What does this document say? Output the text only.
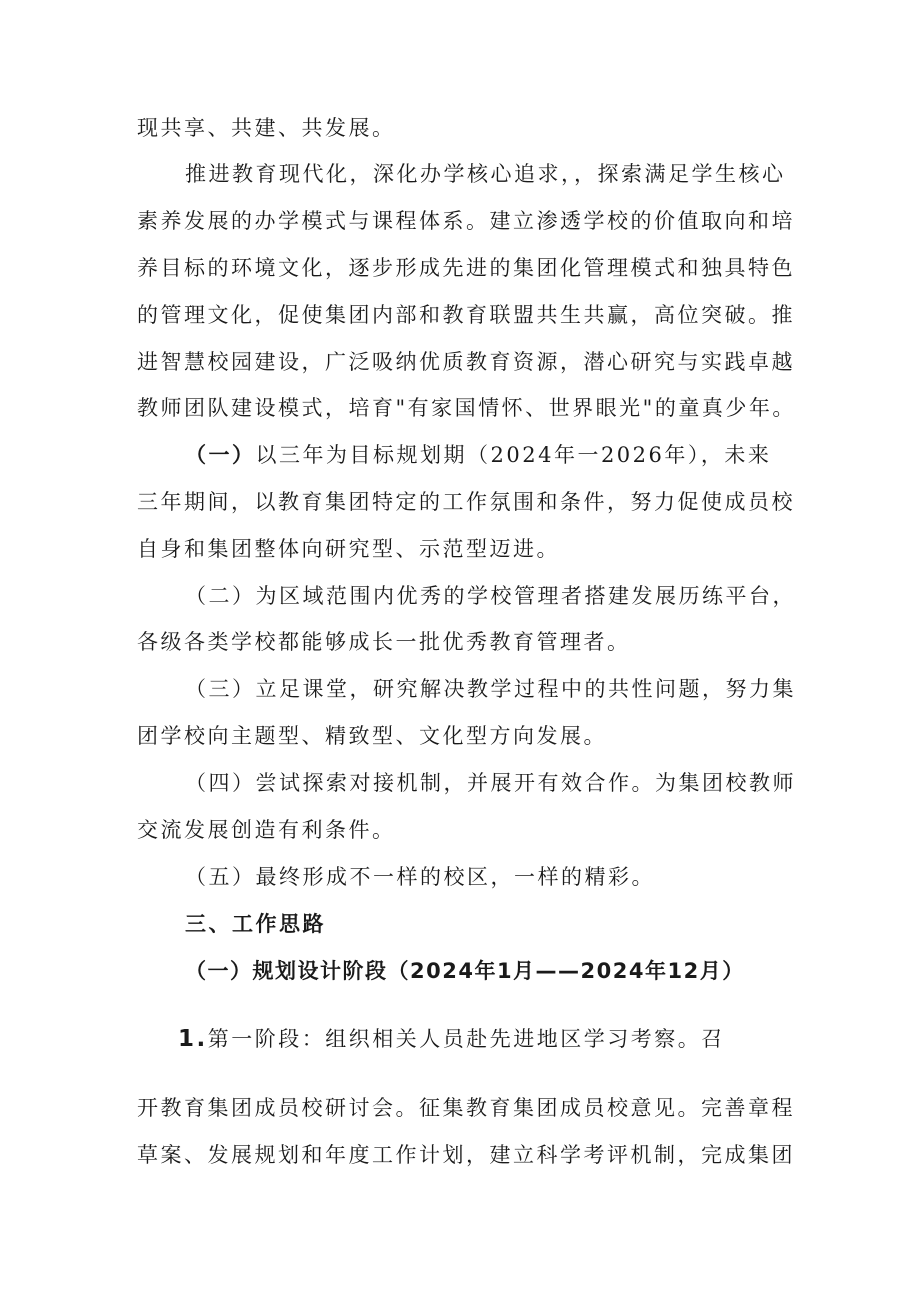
现共享、共建、共发展。
推进教育现代化，深化办学核心追求，，探索满足学生核心
素养发展的办学模式与课程体系。建立渗透学校的价值取向和培
养目标的环境文化，逐步形成先进的集团化管理模式和独具特色
的管理文化，促使集团内部和教育联盟共生共赢，高位突破。推
进智慧校园建设，广泛吸纳优质教育资源，潜心研究与实践卓越
教师团队建设模式，培育"有家国情怀、世界眼光"的童真少年。
（一）以三年为目标规划期（2024年一2026年），未来
三年期间，以教育集团特定的工作氛围和条件，努力促使成员校
自身和集团整体向研究型、示范型迈进。
（二）为区域范围内优秀的学校管理者搭建发展历练平台，
各级各类学校都能够成长一批优秀教育管理者。
（三）立足课堂，研究解决教学过程中的共性问题，努力集
团学校向主题型、精致型、文化型方向发展。
（四）尝试探索对接机制，并展开有效合作。为集团校教师
交流发展创造有利条件。
（五）最终形成不一样的校区，一样的精彩。
三、工作思路
（一）规划设计阶段（2024年1月——2024年12月）
1.第一阶段：组织相关人员赴先进地区学习考察。召
开教育集团成员校研讨会。征集教育集团成员校意见。完善章程
草案、发展规划和年度工作计划，建立科学考评机制，完成集团
